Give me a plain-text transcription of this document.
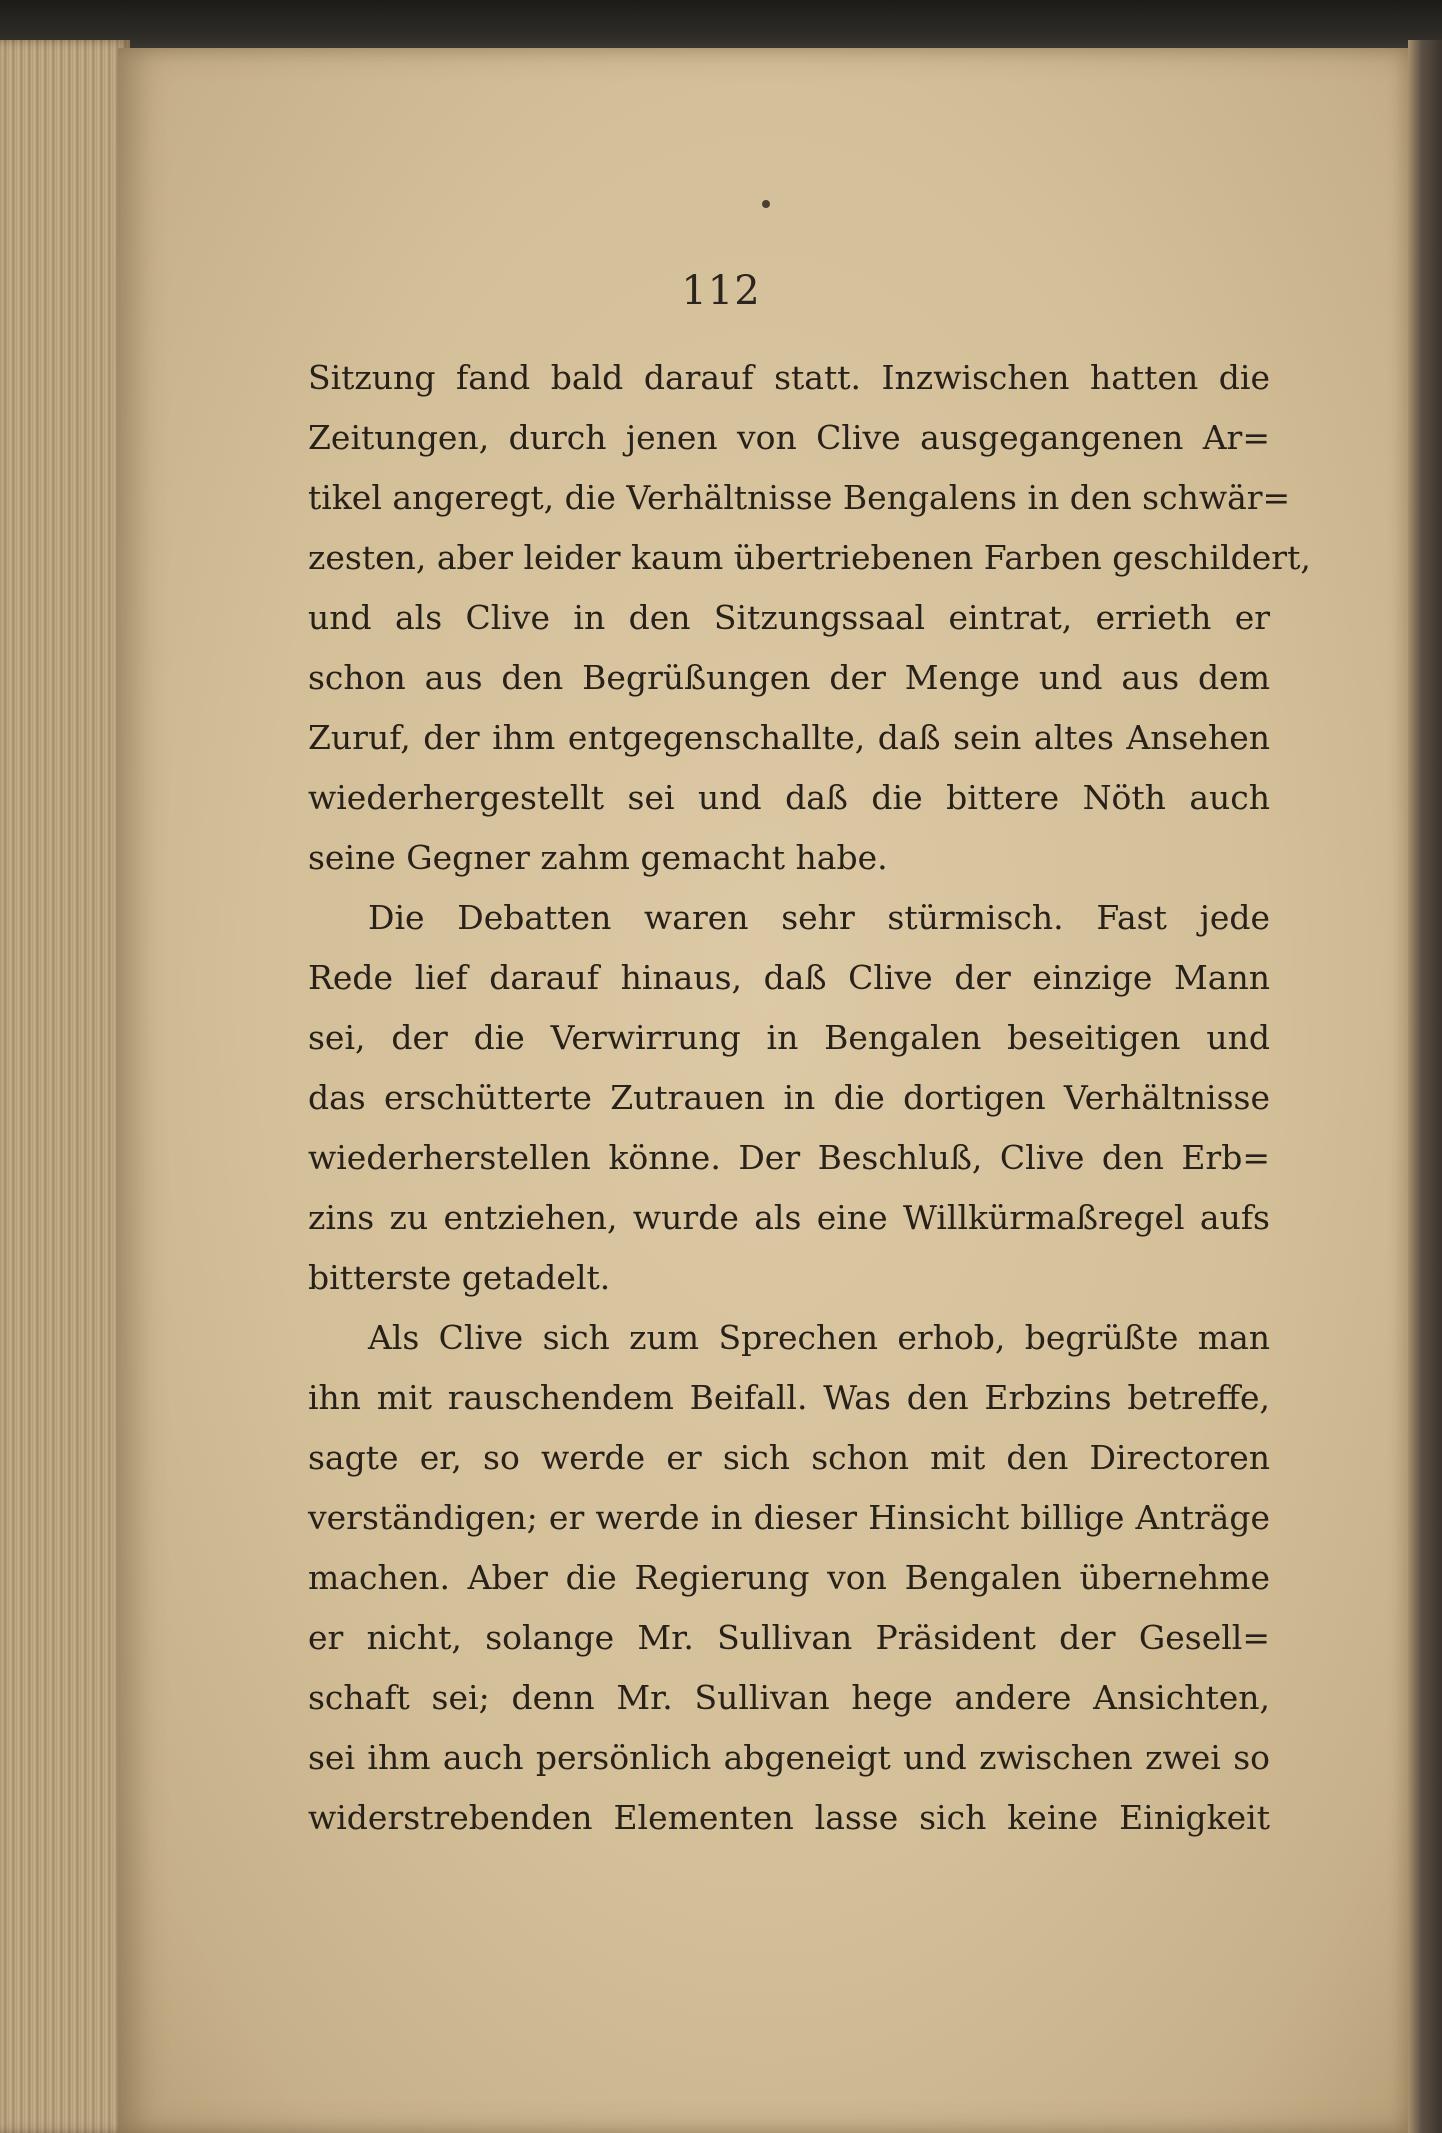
112
Sitzung fand bald darauf statt. Inzwischen hatten die
Zeitungen, durch jenen von Clive ausgegangenen Ar=
tikel angeregt, die Verhältnisse Bengalens in den schwär=
zesten, aber leider kaum übertriebenen Farben geschildert,
und als Clive in den Sitzungssaal eintrat, errieth er
schon aus den Begrüßungen der Menge und aus dem
Zuruf, der ihm entgegenschallte, daß sein altes Ansehen
wiederhergestellt sei und daß die bittere Nöth auch
seine Gegner zahm gemacht habe.
Die Debatten waren sehr stürmisch. Fast jede
Rede lief darauf hinaus, daß Clive der einzige Mann
sei, der die Verwirrung in Bengalen beseitigen und
das erschütterte Zutrauen in die dortigen Verhältnisse
wiederherstellen könne. Der Beschluß, Clive den Erb=
zins zu entziehen, wurde als eine Willkürmaßregel aufs
bitterste getadelt.
Als Clive sich zum Sprechen erhob, begrüßte man
ihn mit rauschendem Beifall. Was den Erbzins betreffe,
sagte er, so werde er sich schon mit den Directoren
verständigen; er werde in dieser Hinsicht billige Anträge
machen. Aber die Regierung von Bengalen übernehme
er nicht, solange Mr. Sullivan Präsident der Gesell=
schaft sei; denn Mr. Sullivan hege andere Ansichten,
sei ihm auch persönlich abgeneigt und zwischen zwei so
widerstrebenden Elementen lasse sich keine Einigkeit
